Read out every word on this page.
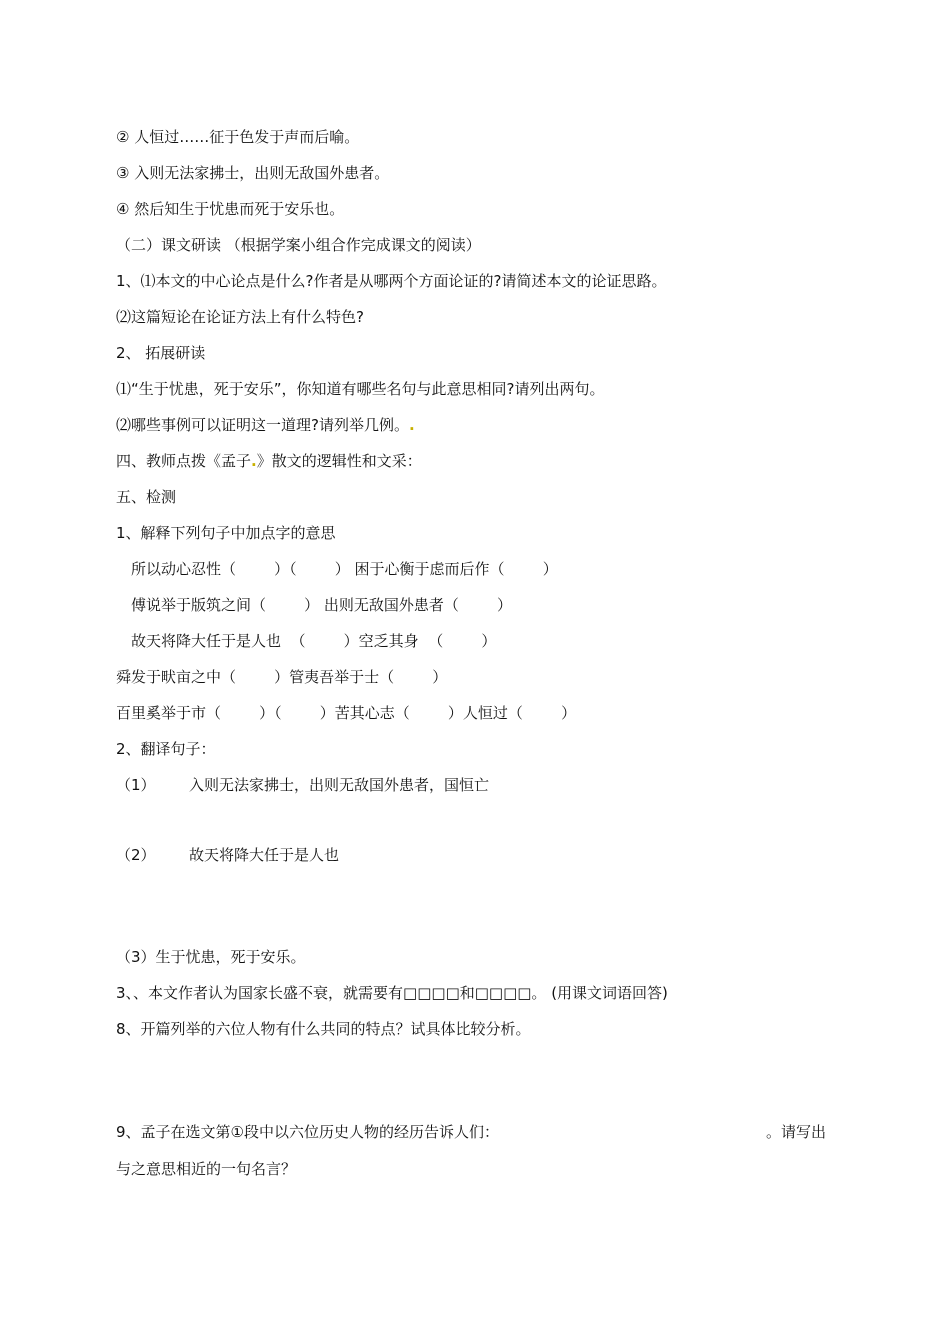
② 人恒过……征于色发于声而后喻。
③ 入则无法家拂士，出则无敌国外患者。
④ 然后知生于忧患而死于安乐也。
（二）课文研读 （根据学案小组合作完成课文的阅读）
1、⑴本文的中心论点是什么?作者是从哪两个方面论证的?请简述本文的论证思路。
⑵这篇短论在论证方法上有什么特色?
2、 拓展研读
⑴“生于忧患，死于安乐”，你知道有哪些名句与此意思相同?请列出两句。
⑵哪些事例可以证明这一道理?请列举几例。.
四、教师点拨《孟子.》散文的逻辑性和文采：
五、检测
1、解释下列句子中加点字的意思
所以动心忍性（        ）（        ） 困于心衡于虑而后作（        ）
傅说举于版筑之间（        ） 出则无敌国外患者（        ）
故天将降大任于是人也  （        ）空乏其身  （        ）
舜发于畎亩之中（        ）管夷吾举于士（        ）
百里奚举于市（        ）（        ）苦其心志（        ）人恒过（        ）
2、翻译句子：
（1） 入则无法家拂士，出则无敌国外患者，国恒亡
（2） 故天将降大任于是人也
（3）生于忧患，死于安乐。
3、、本文作者认为国家长盛不衰，就需要有□□□□和□□□□。 (用课文词语回答)
8、开篇列举的六位人物有什么共同的特点？试具体比较分析。
9、孟子在选文第①段中以六位历史人物的经历告诉人们：	。请写出
与之意思相近的一句名言？
